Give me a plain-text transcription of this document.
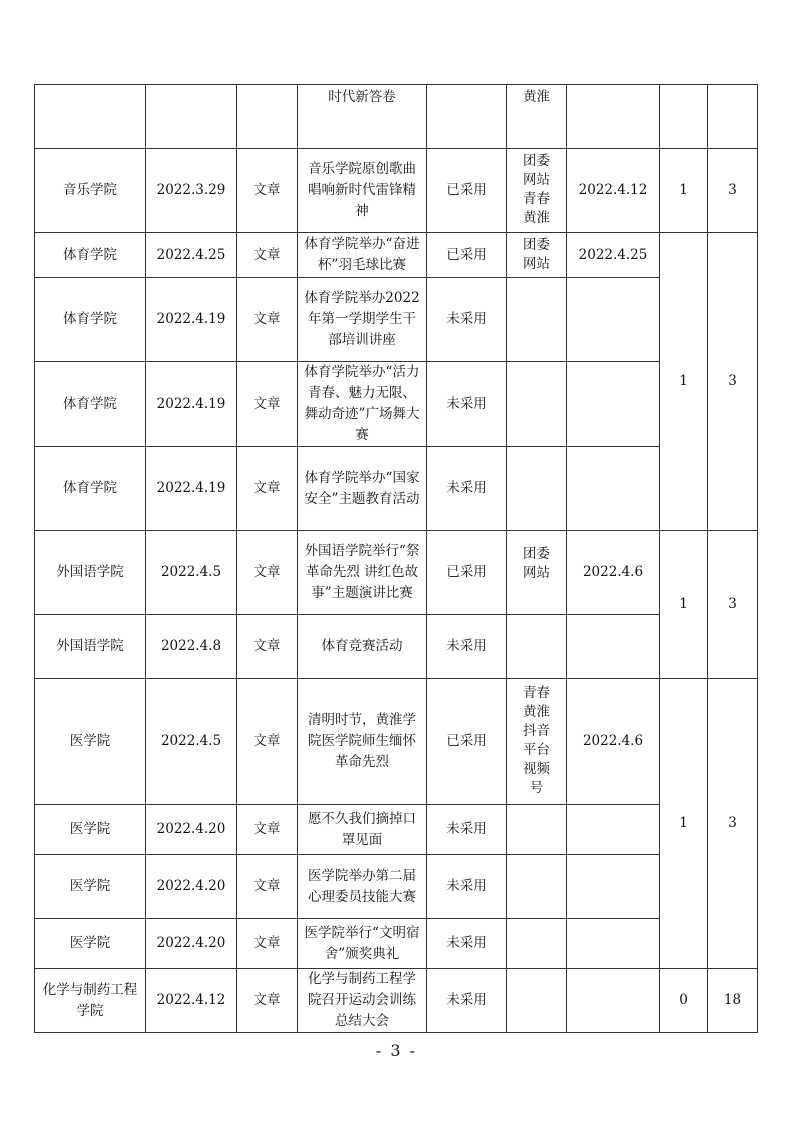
			时代新答卷		黄淮			
音乐学院	2022.3.29	文章	音乐学院原创歌曲唱响新时代雷锋精神	已采用	团委网站青春黄淮	2022.4.12	1	3
体育学院	2022.4.25	文章	体育学院举办“奋进杯”羽毛球比赛	已采用	团委网站	2022.4.25	1	3
体育学院	2022.4.19	文章	体育学院举办2022年第一学期学生干部培训讲座	未采用				
体育学院	2022.4.19	文章	体育学院举办“活力青春、魅力无限、舞动奇迹”广场舞大赛	未采用				
体育学院	2022.4.19	文章	体育学院举办“国家安全”主题教育活动	未采用				
外国语学院	2022.4.5	文章	外国语学院举行“祭革命先烈 讲红色故事”主题演讲比赛	已采用	团委网站	2022.4.6	1	3
外国语学院	2022.4.8	文章	体育竞赛活动	未采用				
医学院	2022.4.5	文章	清明时节，黄淮学院医学院师生缅怀革命先烈	已采用	青春黄淮抖音平台视频号	2022.4.6	1	3
医学院	2022.4.20	文章	愿不久我们摘掉口罩见面	未采用				
医学院	2022.4.20	文章	医学院举办第二届心理委员技能大赛	未采用				
医学院	2022.4.20	文章	医学院举行“文明宿舍”颁奖典礼	未采用				
化学与制药工程学院	2022.4.12	文章	化学与制药工程学院召开运动会训练总结大会	未采用			0	18
- 3 -
